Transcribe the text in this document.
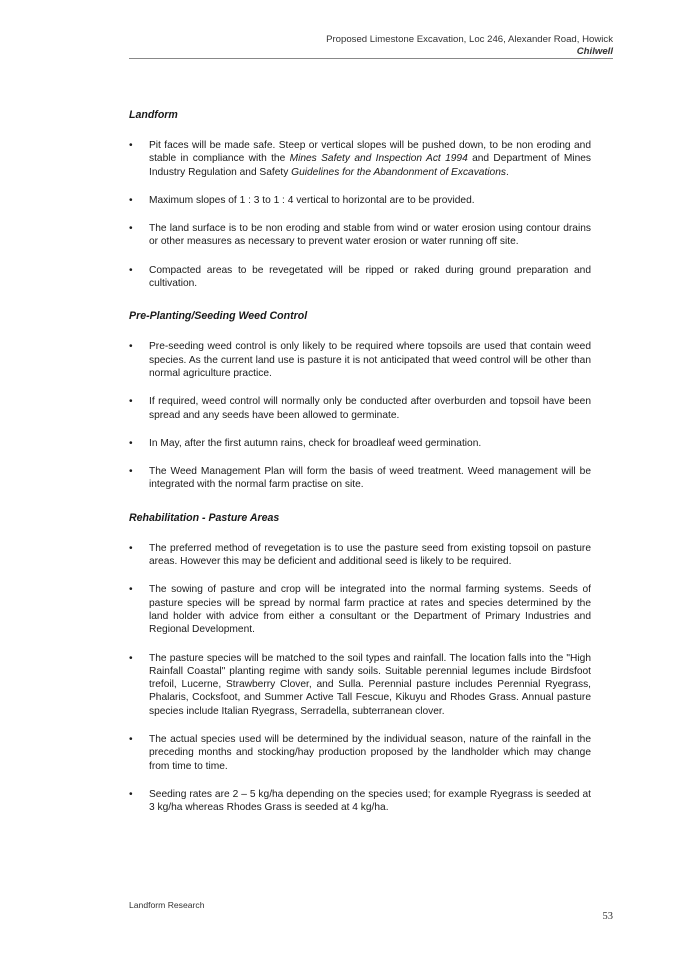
Proposed Limestone Excavation, Loc 246, Alexander Road, Howick
Chilwell
Landform
• Pit faces will be made safe. Steep or vertical slopes will be pushed down, to be non eroding and stable in compliance with the Mines Safety and Inspection Act 1994 and Department of Mines Industry Regulation and Safety Guidelines for the Abandonment of Excavations.
• Maximum slopes of 1 : 3 to 1 : 4 vertical to horizontal are to be provided.
• The land surface is to be non eroding and stable from wind or water erosion using contour drains or other measures as necessary to prevent water erosion or water running off site.
• Compacted areas to be revegetated will be ripped or raked during ground preparation and cultivation.
Pre-Planting/Seeding Weed Control
• Pre-seeding weed control is only likely to be required where topsoils are used that contain weed species. As the current land use is pasture it is not anticipated that weed control will be other than normal agriculture practice.
• If required, weed control will normally only be conducted after overburden and topsoil have been spread and any seeds have been allowed to germinate.
• In May, after the first autumn rains, check for broadleaf weed germination.
• The Weed Management Plan will form the basis of weed treatment. Weed management will be integrated with the normal farm practise on site.
Rehabilitation - Pasture Areas
• The preferred method of revegetation is to use the pasture seed from existing topsoil on pasture areas. However this may be deficient and additional seed is likely to be required.
• The sowing of pasture and crop will be integrated into the normal farming systems. Seeds of pasture species will be spread by normal farm practice at rates and species determined by the land holder with advice from either a consultant or the Department of Primary Industries and Regional Development.
• The pasture species will be matched to the soil types and rainfall. The location falls into the "High Rainfall Coastal" planting regime with sandy soils. Suitable perennial legumes include Birdsfoot trefoil, Lucerne, Strawberry Clover, and Sulla. Perennial pasture includes Perennial Ryegrass, Phalaris, Cocksfoot, and Summer Active Tall Fescue, Kikuyu and Rhodes Grass. Annual pasture species include Italian Ryegrass, Serradella, subterranean clover.
• The actual species used will be determined by the individual season, nature of the rainfall in the preceding months and stocking/hay production proposed by the landholder which may change from time to time.
• Seeding rates are 2 – 5 kg/ha depending on the species used; for example Ryegrass is seeded at 3 kg/ha whereas Rhodes Grass is seeded at 4 kg/ha.
Landform Research
53
